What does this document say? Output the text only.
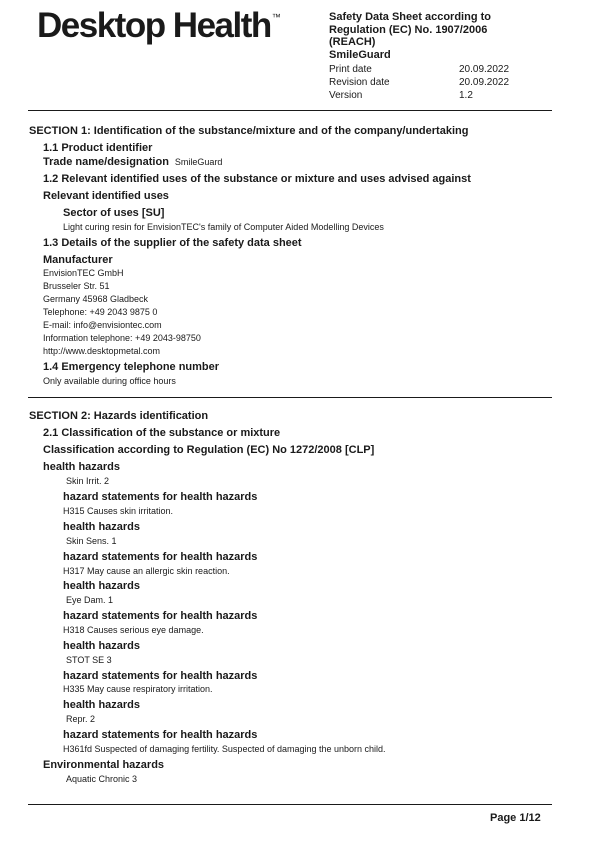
Desktop Health™	Safety Data Sheet according to Regulation (EC) No. 1907/2006 (REACH)
SmileGuard
Print date	20.09.2022
Revision date	20.09.2022
Version	1.2
SECTION 1: Identification of the substance/mixture and of the company/undertaking
1.1 Product identifier
Trade name/designation SmileGuard
1.2 Relevant identified uses of the substance or mixture and uses advised against
Relevant identified uses
Sector of uses [SU]
Light curing resin for EnvisionTEC's family of Computer Aided Modelling Devices
1.3 Details of the supplier of the safety data sheet
Manufacturer
EnvisionTEC GmbH
Brusseler Str. 51
Germany 45968 Gladbeck
Telephone: +49 2043 9875 0
E-mail: info@envisiontec.com
Information telephone: +49 2043-98750
http://www.desktopmetal.com
1.4 Emergency telephone number
Only available during office hours
SECTION 2: Hazards identification
2.1 Classification of the substance or mixture
Classification according to Regulation (EC) No 1272/2008 [CLP]
health hazards
Skin Irrit. 2
hazard statements for health hazards
H315 Causes skin irritation.
health hazards
Skin Sens. 1
hazard statements for health hazards
H317 May cause an allergic skin reaction.
health hazards
Eye Dam. 1
hazard statements for health hazards
H318 Causes serious eye damage.
health hazards
STOT SE 3
hazard statements for health hazards
H335 May cause respiratory irritation.
health hazards
Repr. 2
hazard statements for health hazards
H361fd Suspected of damaging fertility. Suspected of damaging the unborn child.
Environmental hazards
Aquatic Chronic 3
Page 1/12
